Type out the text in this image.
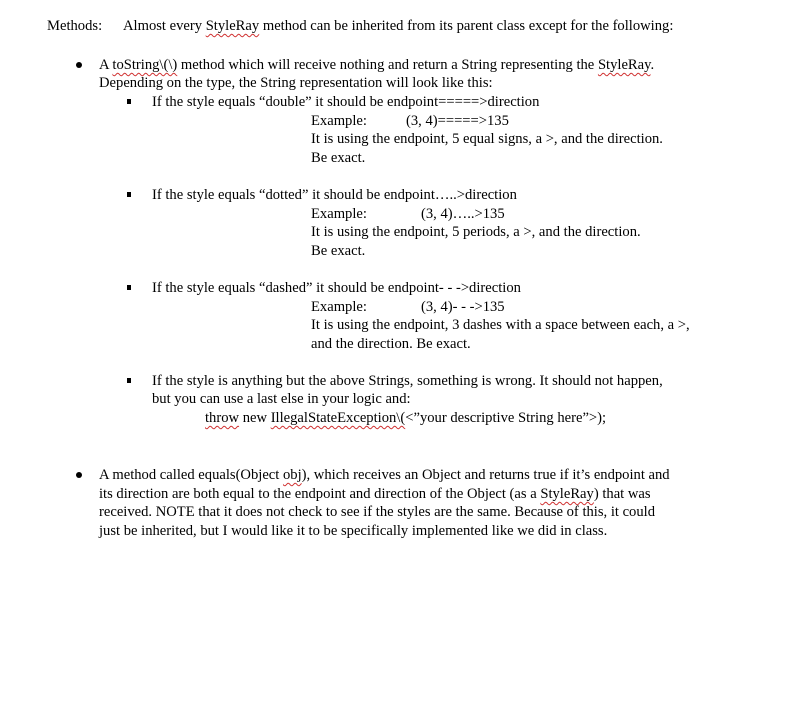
Methods: Almost every StyleRay method can be inherited from its parent class except for the following:
A toString\(\) method which will receive nothing and return a String representing the StyleRay.
Depending on the type, the String representation will look like this:
If the style equals “double” it should be endpoint=====>direction
Example:	(3, 4)=====>135
It is using the endpoint, 5 equal signs, a >, and the direction.
Be exact.
If the style equals “dotted” it should be endpoint…..>direction
Example:	(3, 4)…..>135
It is using the endpoint, 5 periods, a >, and the direction.
Be exact.
If the style equals “dashed” it should be endpoint- - ->direction
Example:	(3, 4)- - ->135
It is using the endpoint, 3 dashes with a space between each, a >,
and the direction. Be exact.
If the style is anything but the above Strings, something is wrong. It should not happen,
but you can use a last else in your logic and:
throw new IllegalStateException\(<”your descriptive String here”>);
A method called equals(Object obj), which receives an Object and returns true if it’s endpoint and
its direction are both equal to the endpoint and direction of the Object (as a StyleRay) that was
received. NOTE that it does not check to see if the styles are the same. Because of this, it could
just be inherited, but I would like it to be specifically implemented like we did in class.
